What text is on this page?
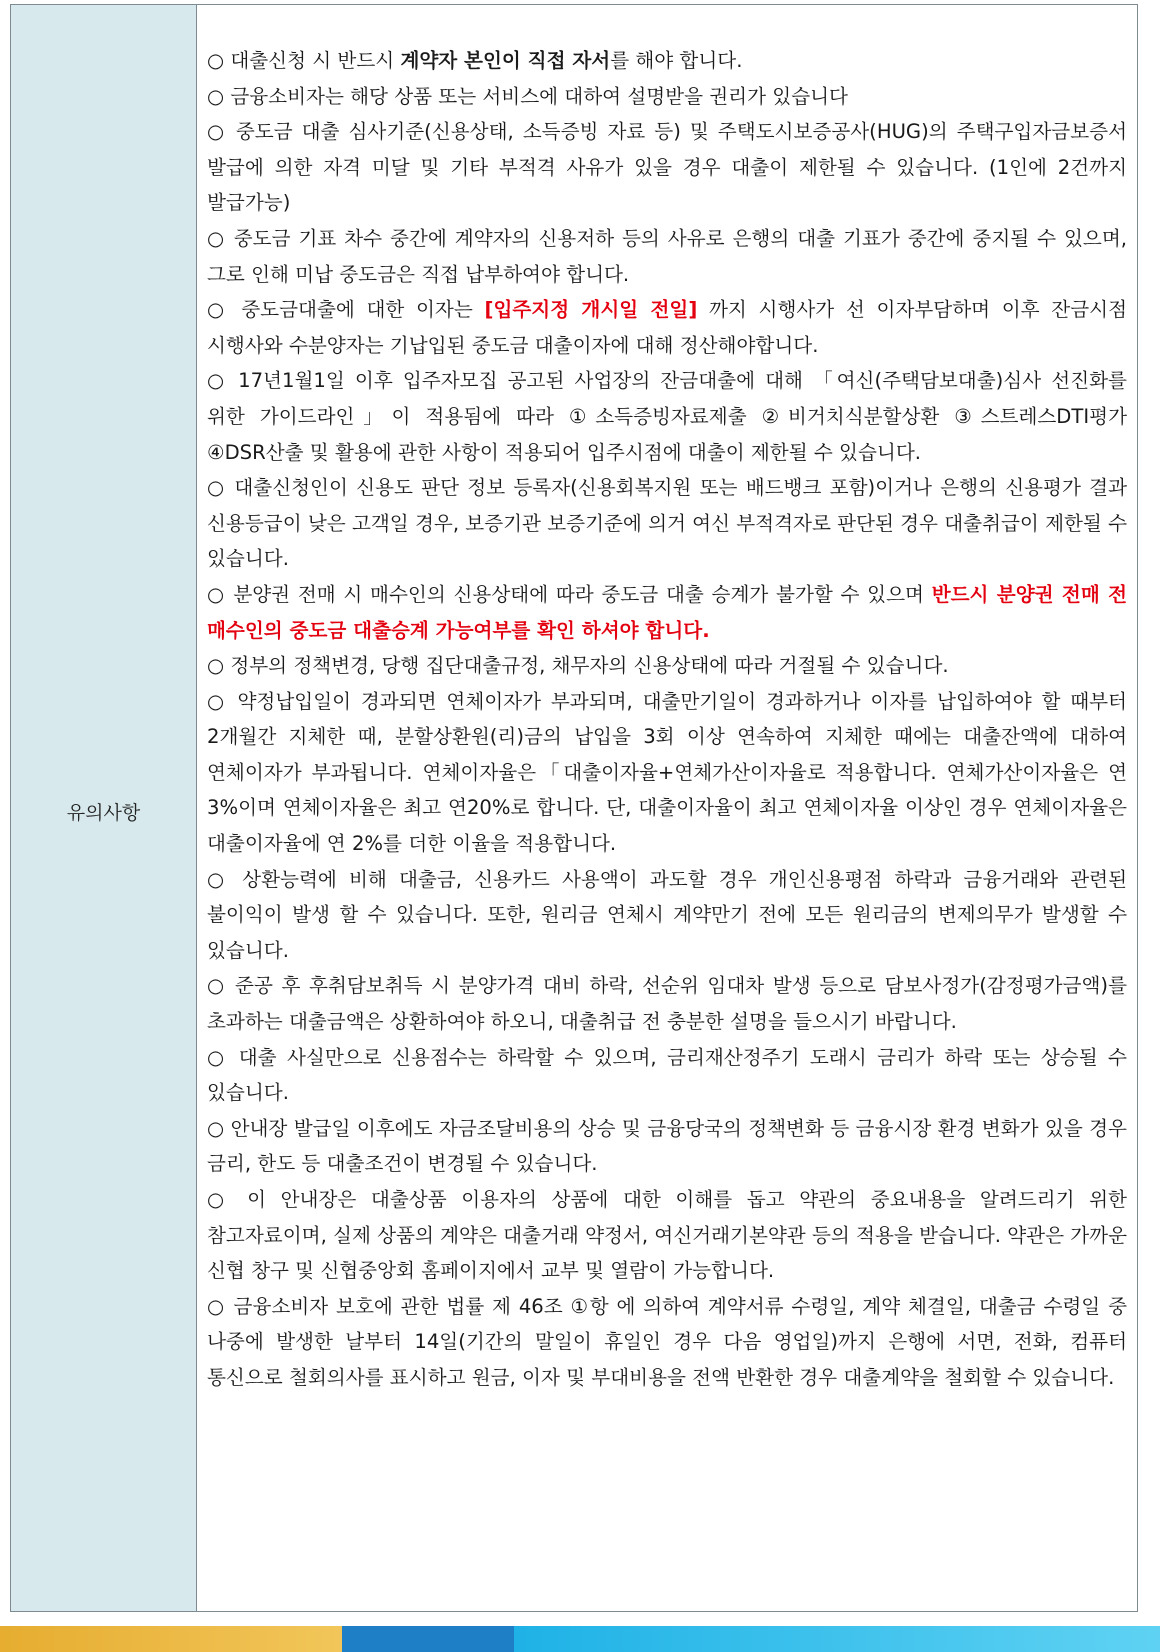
유의사항

○ 대출신청 시 반드시 계약자 본인이 직접 자서를 해야 합니다.

○ 금융소비자는 해당 상품 또는 서비스에 대하여 설명받을 권리가 있습니다

○ 중도금 대출 심사기준(신용상태, 소득증빙 자료 등) 및 주택도시보증공사(HUG)의 주택구입자금보증서 발급에 의한 자격 미달 및 기타 부적격 사유가 있을 경우 대출이 제한될 수 있습니다. (1인에 2건까지 발급가능)

○ 중도금 기표 차수 중간에 계약자의 신용저하 등의 사유로 은행의 대출 기표가 중간에 중지될 수 있으며, 그로 인해 미납 중도금은 직접 납부하여야 합니다.

○ 중도금대출에 대한 이자는 [입주지정 개시일 전일] 까지 시행사가 선 이자부담하며 이후 잔금시점 시행사와 수분양자는 기납입된 중도금 대출이자에 대해 정산해야합니다.

○ 17년1월1일 이후 입주자모집 공고된 사업장의 잔금대출에 대해 「여신(주택담보대출)심사 선진화를 위한 가이드라인」이 적용됨에 따라 ①소득증빙자료제출 ②비거치식분할상환 ③스트레스DTI평가 ④DSR산출 및 활용에 관한 사항이 적용되어 입주시점에 대출이 제한될 수 있습니다.

○ 대출신청인이 신용도 판단 정보 등록자(신용회복지원 또는 배드뱅크 포함)이거나 은행의 신용평가 결과 신용등급이 낮은 고객일 경우, 보증기관 보증기준에 의거 여신 부적격자로 판단된 경우 대출취급이 제한될 수 있습니다.

○ 분양권 전매 시 매수인의 신용상태에 따라 중도금 대출 승계가 불가할 수 있으며 반드시 분양권 전매 전 매수인의 중도금 대출승계 가능여부를 확인 하셔야 합니다.

○ 정부의 정책변경, 당행 집단대출규정, 채무자의 신용상태에 따라 거절될 수 있습니다.

○ 약정납입일이 경과되면 연체이자가 부과되며, 대출만기일이 경과하거나 이자를 납입하여야 할 때부터 2개월간 지체한 때, 분할상환원(리)금의 납입을 3회 이상 연속하여 지체한 때에는 대출잔액에 대하여 연체이자가 부과됩니다. 연체이자율은「대출이자율+연체가산이자율로 적용합니다. 연체가산이자율은 연 3%이며 연체이자율은 최고 연20%로 합니다. 단, 대출이자율이 최고 연체이자율 이상인 경우 연체이자율은 대출이자율에 연 2%를 더한 이율을 적용합니다.

○ 상환능력에 비해 대출금, 신용카드 사용액이 과도할 경우 개인신용평점 하락과 금융거래와 관련된 불이익이 발생 할 수 있습니다. 또한, 원리금 연체시 계약만기 전에 모든 원리금의 변제의무가 발생할 수 있습니다.

○ 준공 후 후취담보취득 시 분양가격 대비 하락, 선순위 임대차 발생 등으로 담보사정가(감정평가금액)를 초과하는 대출금액은 상환하여야 하오니, 대출취급 전 충분한 설명을 들으시기 바랍니다.

○ 대출 사실만으로 신용점수는 하락할 수 있으며, 금리재산정주기 도래시 금리가 하락 또는 상승될 수 있습니다.

○ 안내장 발급일 이후에도 자금조달비용의 상승 및 금융당국의 정책변화 등 금융시장 환경 변화가 있을 경우 금리, 한도 등 대출조건이 변경될 수 있습니다.

○ 이 안내장은 대출상품 이용자의 상품에 대한 이해를 돕고 약관의 중요내용을 알려드리기 위한 참고자료이며, 실제 상품의 계약은 대출거래 약정서, 여신거래기본약관 등의 적용을 받습니다. 약관은 가까운 신협 창구 및 신협중앙회 홈페이지에서 교부 및 열람이 가능합니다.

○ 금융소비자 보호에 관한 법률 제 46조 ①항 에 의하여 계약서류 수령일, 계약 체결일, 대출금 수령일 중 나중에 발생한 날부터 14일(기간의 말일이 휴일인 경우 다음 영업일)까지 은행에 서면, 전화, 컴퓨터 통신으로 철회의사를 표시하고 원금, 이자 및 부대비용을 전액 반환한 경우 대출계약을 철회할 수 있습니다.
